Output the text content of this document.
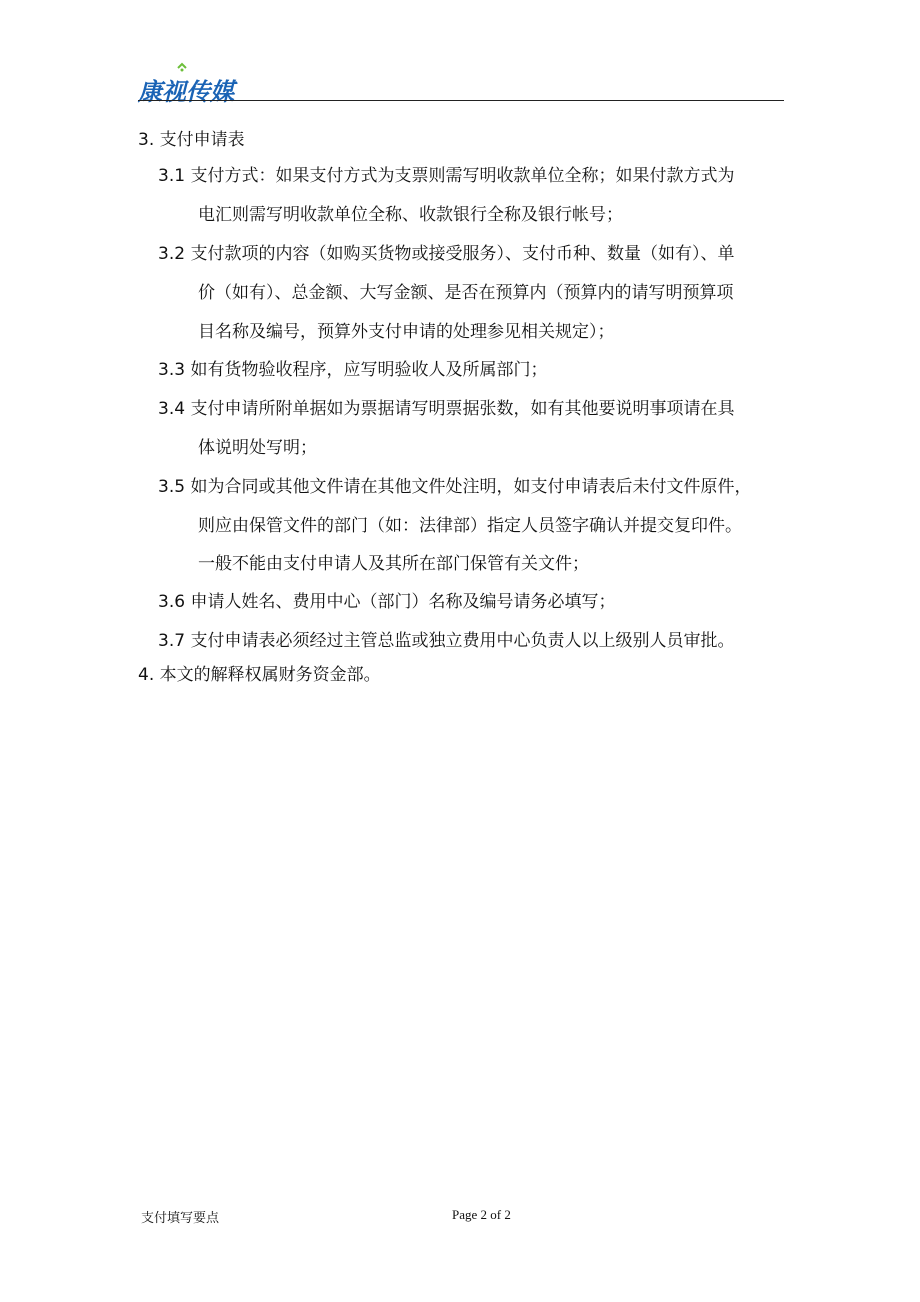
康视传媒
3. 支付申请表
3.1 支付方式：如果支付方式为支票则需写明收款单位全称；如果付款方式为
电汇则需写明收款单位全称、收款银行全称及银行帐号；
3.2 支付款项的内容（如购买货物或接受服务）、支付币种、数量（如有）、单
价（如有）、总金额、大写金额、是否在预算内（预算内的请写明预算项
目名称及编号，预算外支付申请的处理参见相关规定）；
3.3 如有货物验收程序，应写明验收人及所属部门；
3.4 支付申请所附单据如为票据请写明票据张数，如有其他要说明事项请在具
体说明处写明；
3.5 如为合同或其他文件请在其他文件处注明，如支付申请表后未付文件原件，
则应由保管文件的部门（如：法律部）指定人员签字确认并提交复印件。
一般不能由支付申请人及其所在部门保管有关文件；
3.6 申请人姓名、费用中心（部门）名称及编号请务必填写；
3.7 支付申请表必须经过主管总监或独立费用中心负责人以上级别人员审批。
4. 本文的解释权属财务资金部。
支付填写要点	Page 2 of 2
